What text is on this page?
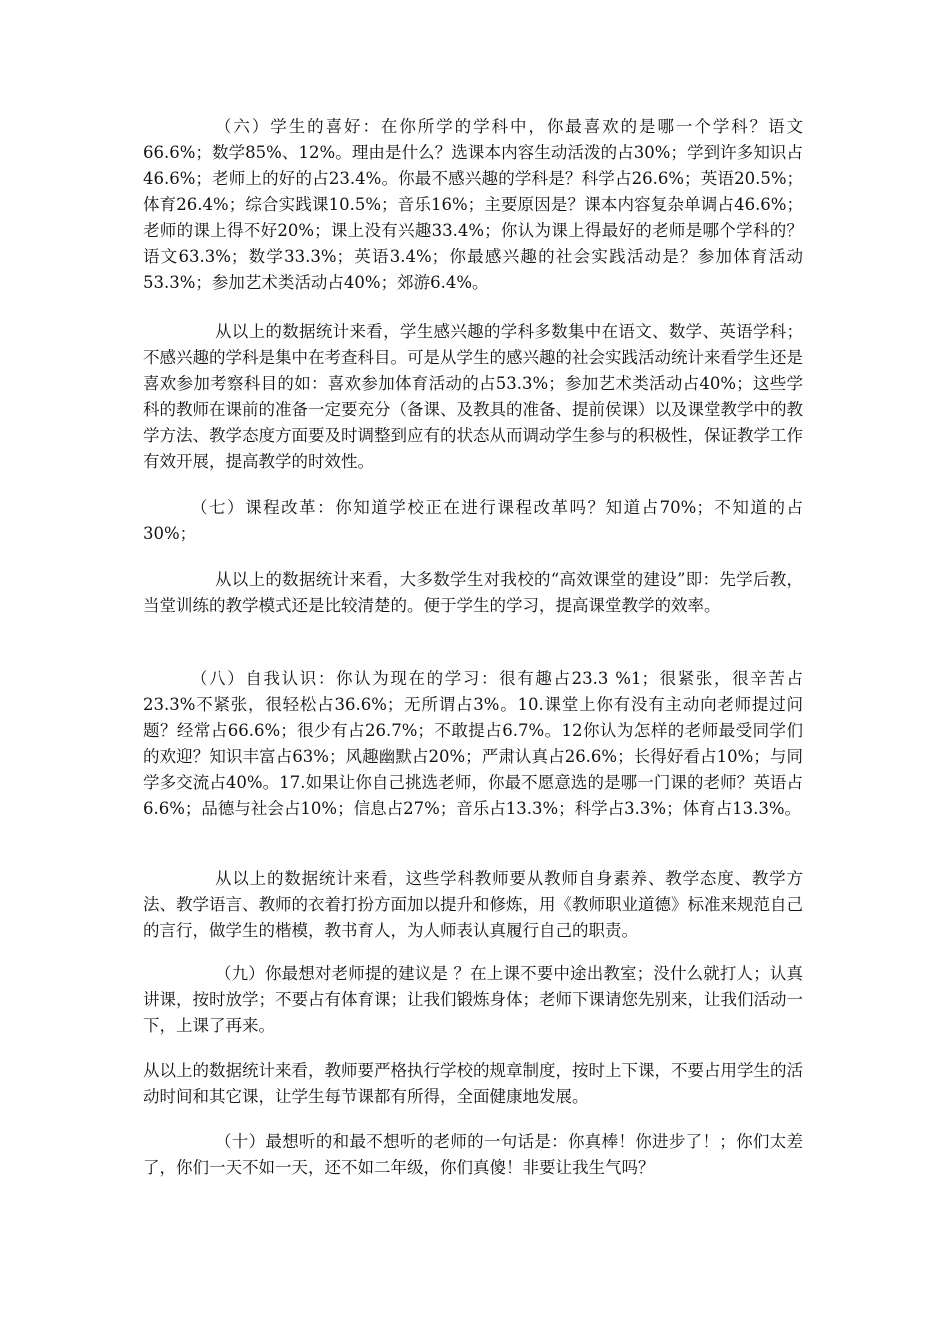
（六）学生的喜好：在你所学的学科中，你最喜欢的是哪一个学科？语文66.6%；数学85%、12%。理由是什么？选课本内容生动活泼的占30%；学到许多知识占46.6%；老师上的好的占23.4%。你最不感兴趣的学科是？科学占26.6%；英语20.5%；体育26.4%；综合实践课10.5%；音乐16%；主要原因是？课本内容复杂单调占46.6%；老师的课上得不好20%；课上没有兴趣33.4%；你认为课上得最好的老师是哪个学科的？语文63.3%；数学33.3%；英语3.4%；你最感兴趣的社会实践活动是？参加体育活动53.3%；参加艺术类活动占40%；郊游6.4%。

从以上的数据统计来看，学生感兴趣的学科多数集中在语文、数学、英语学科；不感兴趣的学科是集中在考查科目。可是从学生的感兴趣的社会实践活动统计来看学生还是喜欢参加考察科目的如：喜欢参加体育活动的占53.3%；参加艺术类活动占40%；这些学科的教师在课前的准备一定要充分（备课、及教具的准备、提前侯课）以及课堂教学中的教学方法、教学态度方面要及时调整到应有的状态从而调动学生参与的积极性，保证教学工作有效开展，提高教学的时效性。

（七）课程改革：你知道学校正在进行课程改革吗？知道占70%；不知道的占30%；

从以上的数据统计来看，大多数学生对我校的“高效课堂的建设”即：先学后教，当堂训练的教学模式还是比较清楚的。便于学生的学习，提高课堂教学的效率。

（八）自我认识：你认为现在的学习：很有趣占23.3 %1；很紧张，很辛苦占23.3%不紧张，很轻松占36.6%；无所谓占3%。10.课堂上你有没有主动向老师提过问题？经常占66.6%；很少有占26.7%；不敢提占6.7%。12你认为怎样的老师最受同学们的欢迎？知识丰富占63%；风趣幽默占20%；严肃认真占26.6%；长得好看占10%；与同学多交流占40%。17.如果让你自己挑选老师，你最不愿意选的是哪一门课的老师？英语占6.6%；品德与社会占10%；信息占27%；音乐占13.3%；科学占3.3%；体育占13.3%。

从以上的数据统计来看，这些学科教师要从教师自身素养、教学态度、教学方法、教学语言、教师的衣着打扮方面加以提升和修炼，用《教师职业道德》标准来规范自己的言行，做学生的楷模，教书育人，为人师表认真履行自己的职责。

（九）你最想对老师提的建议是 ？在上课不要中途出教室；没什么就打人；认真讲课，按时放学；不要占有体育课；让我们锻炼身体；老师下课请您先别来，让我们活动一下，上课了再来。

从以上的数据统计来看，教师要严格执行学校的规章制度，按时上下课，不要占用学生的活动时间和其它课，让学生每节课都有所得，全面健康地发展。

（十）最想听的和最不想听的老师的一句话是：你真棒！你进步了！；你们太差了，你们一天不如一天，还不如二年级，你们真傻！非要让我生气吗？
